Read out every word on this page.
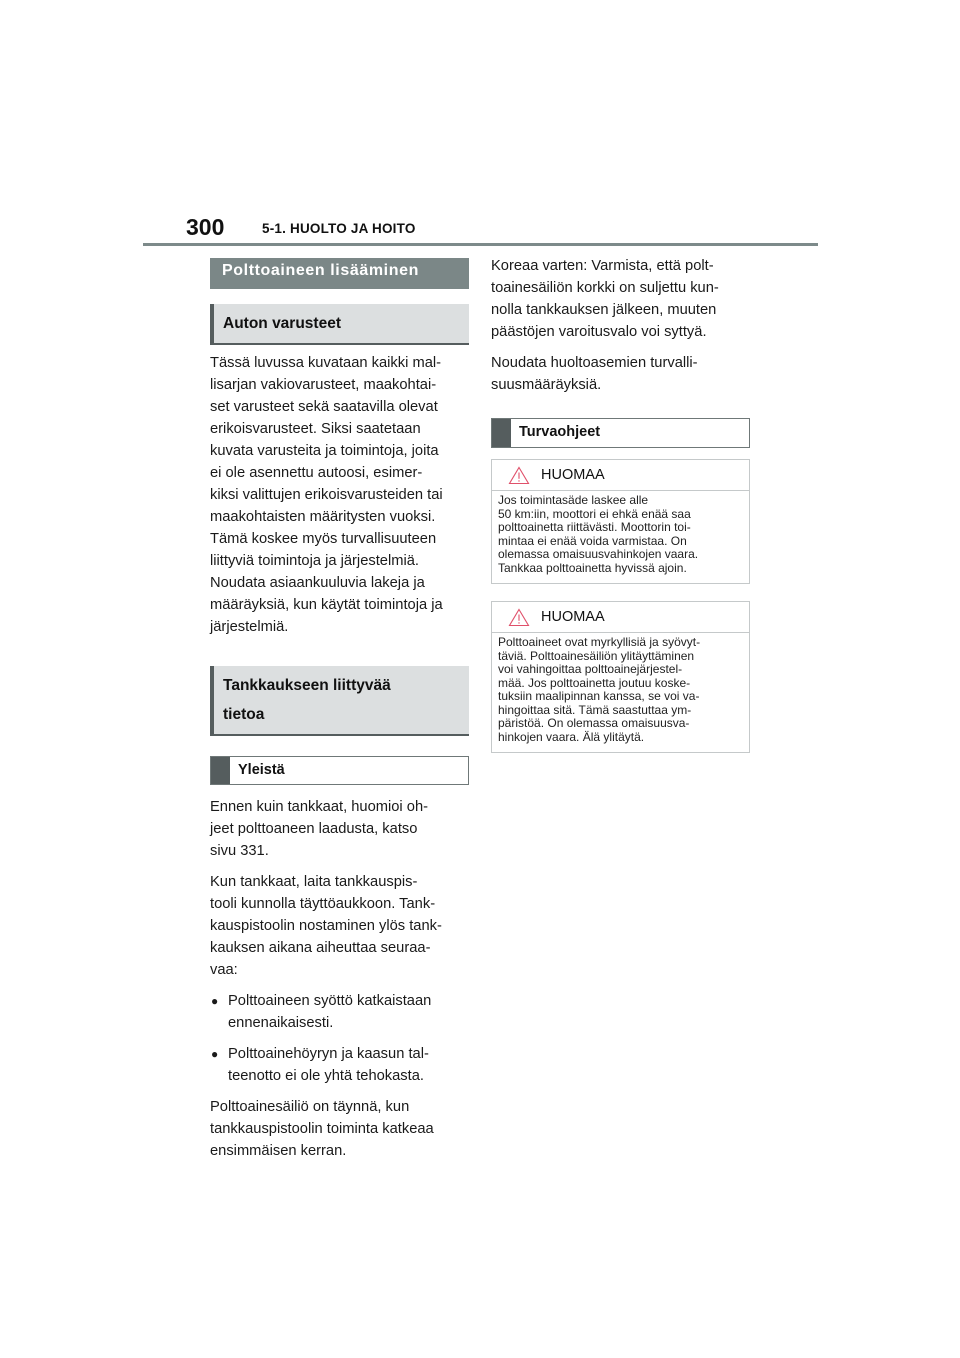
300	5-1. HUOLTO JA HOITO
Polttoaineen lisääminen
Auton varusteet

Tässä luvussa kuvataan kaikki mal-
lisarjan vakiovarusteet, maakohtai-
set varusteet sekä saatavilla olevat
erikoisvarusteet. Siksi saatetaan
kuvata varusteita ja toimintoja, joita
ei ole asennettu autoosi, esimer-
kiksi valittujen erikoisvarusteiden tai
maakohtaisten määritysten vuoksi.
Tämä koskee myös turvallisuuteen
liittyviä toimintoja ja järjestelmiä.
Noudata asiaankuuluvia lakeja ja
määräyksiä, kun käytät toimintoja ja
järjestelmiä.

Tankkaukseen liittyvää
tietoa
Yleistä

Ennen kuin tankkaat, huomioi oh-
jeet polttoaneen laadusta, katso
sivu 331.

Kun tankkaat, laita tankkauspis-
tooli kunnolla täyttöaukkoon. Tank-
kauspistoolin nostaminen ylös tank-
kauksen aikana aiheuttaa seuraa-
vaa:

● Polttoaineen syöttö katkaistaan
ennenaikaisesti.
● Polttoainehöyryn ja kaasun tal-
teenotto ei ole yhtä tehokasta.

Polttoainesäiliö on täynnä, kun
tankkauspistoolin toiminta katkeaa
ensimmäisen kerran.

Koreaa varten: Varmista, että polt-
toainesäiliön korkki on suljettu kun-
nolla tankkauksen jälkeen, muuten
päästöjen varoitusvalo voi syttyä.

Noudata huoltoasemien turvalli-
suusmääräyksiä.

Turvaohjeet
HUOMAA
Jos toimintasäde laskee alle
50 km:iin, moottori ei ehkä enää saa
polttoainetta riittävästi. Moottorin toi-
mintaa ei enää voida varmistaa. On
olemassa omaisuusvahinkojen vaara.
Tankkaa polttoainetta hyvissä ajoin.
HUOMAA
Polttoaineet ovat myrkyllisiä ja syövyt-
täviä. Polttoainesäiliön ylitäyttäminen
voi vahingoittaa polttoainejärjestel-
mää. Jos polttoainetta joutuu koske-
tuksiin maalipinnan kanssa, se voi va-
hingoittaa sitä. Tämä saastuttaa ym-
päristöä. On olemassa omaisuusva-
hinkojen vaara. Älä ylitäytä.
